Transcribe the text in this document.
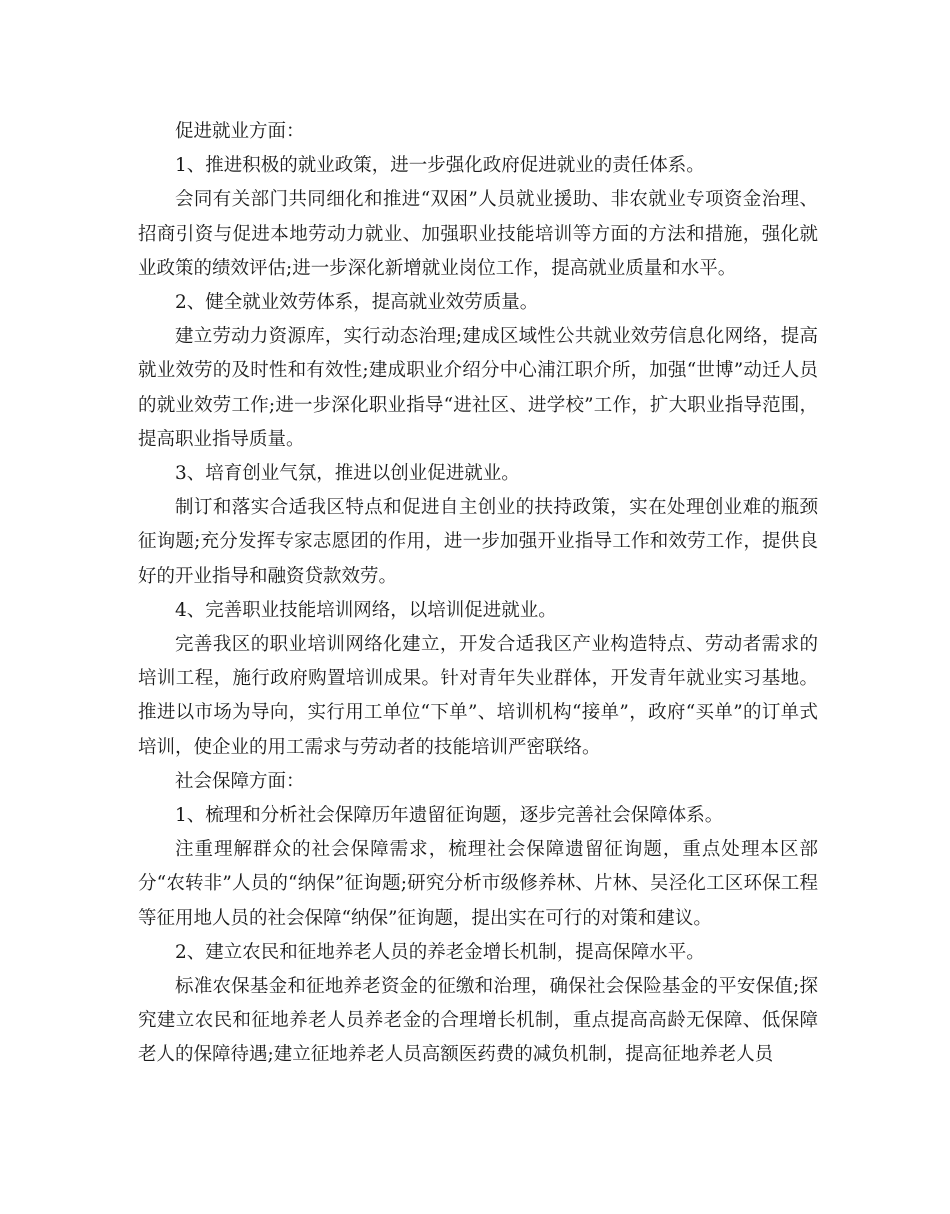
促进就业方面：

1、推进积极的就业政策，进一步强化政府促进就业的责任体系。

会同有关部门共同细化和推进“双困”人员就业援助、非农就业专项资金治理、招商引资与促进本地劳动力就业、加强职业技能培训等方面的方法和措施，强化就业政策的绩效评估;进一步深化新增就业岗位工作，提高就业质量和水平。

2、健全就业效劳体系，提高就业效劳质量。

建立劳动力资源库，实行动态治理;建成区域性公共就业效劳信息化网络，提高就业效劳的及时性和有效性;建成职业介绍分中心浦江职介所，加强“世博”动迁人员的就业效劳工作;进一步深化职业指导“进社区、进学校”工作，扩大职业指导范围，提高职业指导质量。

3、培育创业气氛，推进以创业促进就业。

制订和落实合适我区特点和促进自主创业的扶持政策，实在处理创业难的瓶颈征询题;充分发挥专家志愿团的作用，进一步加强开业指导工作和效劳工作，提供良好的开业指导和融资贷款效劳。

4、完善职业技能培训网络，以培训促进就业。

完善我区的职业培训网络化建立，开发合适我区产业构造特点、劳动者需求的培训工程，施行政府购置培训成果。针对青年失业群体，开发青年就业实习基地。推进以市场为导向，实行用工单位“下单”、培训机构“接单”，政府“买单”的订单式培训，使企业的用工需求与劳动者的技能培训严密联络。

社会保障方面：

1、梳理和分析社会保障历年遗留征询题，逐步完善社会保障体系。

注重理解群众的社会保障需求，梳理社会保障遗留征询题，重点处理本区部分“农转非”人员的“纳保”征询题;研究分析市级修养林、片林、吴泾化工区环保工程等征用地人员的社会保障“纳保”征询题，提出实在可行的对策和建议。

2、建立农民和征地养老人员的养老金增长机制，提高保障水平。

标准农保基金和征地养老资金的征缴和治理，确保社会保险基金的平安保值;探究建立农民和征地养老人员养老金的合理增长机制，重点提高高龄无保障、低保障老人的保障待遇;建立征地养老人员高额医药费的减负机制，提高征地养老人员
